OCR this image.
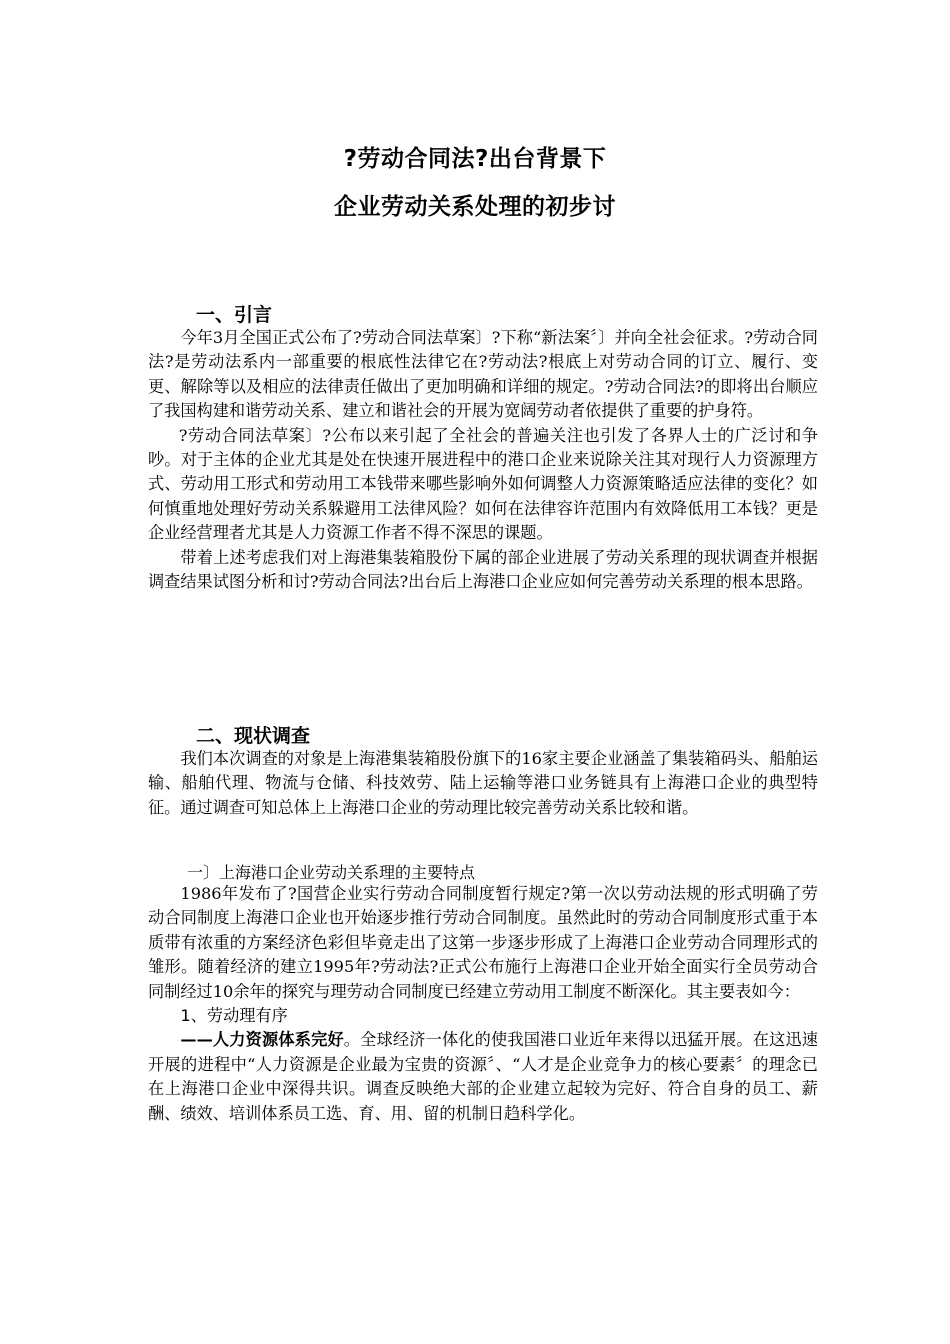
?劳动合同法?出台背景下
企业劳动关系处理的初步讨
一、引言

今年3月全国正式公布了?劳动合同法草案〕?下称“新法案〞〕并向全社会征求。?劳动合同法?是劳动法系内一部重要的根底性法律它在?劳动法?根底上对劳动合同的订立、履行、变更、解除等以及相应的法律责任做出了更加明确和详细的规定。?劳动合同法?的即将出台顺应了我国构建和谐劳动关系、建立和谐社会的开展为宽阔劳动者依提供了重要的护身符。

?劳动合同法草案〕?公布以来引起了全社会的普遍关注也引发了各界人士的广泛讨和争吵。对于主体的企业尤其是处在快速开展进程中的港口企业来说除关注其对现行人力资源理方式、劳动用工形式和劳动用工本钱带来哪些影响外如何调整人力资源策略适应法律的变化？如何慎重地处理好劳动关系躲避用工法律风险？如何在法律容许范围内有效降低用工本钱？更是企业经营理者尤其是人力资源工作者不得不深思的课题。

带着上述考虑我们对上海港集装箱股份下属的部企业进展了劳动关系理的现状调查并根据调查结果试图分析和讨?劳动合同法?出台后上海港口企业应如何完善劳动关系理的根本思路。

二、现状调查

我们本次调查的对象是上海港集装箱股份旗下的16家主要企业涵盖了集装箱码头、船舶运输、船舶代理、物流与仓储、科技效劳、陆上运输等港口业务链具有上海港口企业的典型特征。通过调查可知总体上上海港口企业的劳动理比较完善劳动关系比较和谐。

一〕上海港口企业劳动关系理的主要特点

1986年发布了?国营企业实行劳动合同制度暂行规定?第一次以劳动法规的形式明确了劳动合同制度上海港口企业也开始逐步推行劳动合同制度。虽然此时的劳动合同制度形式重于本质带有浓重的方案经济色彩但毕竟走出了这第一步逐步形成了上海港口企业劳动合同理形式的雏形。随着经济的建立1995年?劳动法?正式公布施行上海港口企业开始全面实行全员劳动合同制经过10余年的探究与理劳动合同制度已经建立劳动用工制度不断深化。其主要表如今：

1、劳动理有序

——人力资源体系完好。全球经济一体化的使我国港口业近年来得以迅猛开展。在这迅速开展的进程中“人力资源是企业最为宝贵的资源〞、“人才是企业竞争力的核心要素〞的理念已在上海港口企业中深得共识。调查反映绝大部的企业建立起较为完好、符合自身的员工、薪酬、绩效、培训体系员工选、育、用、留的机制日趋科学化。
